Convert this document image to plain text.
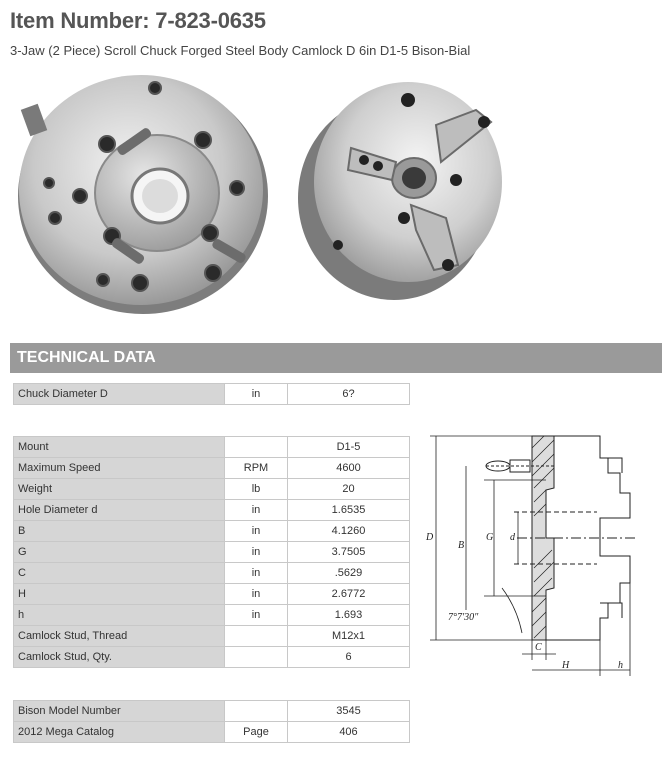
Item Number: 7-823-0635
3-Jaw (2 Piece) Scroll Chuck Forged Steel Body Camlock D 6in D1-5 Bison-Bial
TECHNICAL DATA
Chuck Diameter D	in	6?
Mount		D1-5
Maximum Speed	RPM	4600
Weight	lb	20
Hole Diameter d	in	1.6535
B	in	4.1260
G	in	3.7505
C	in	.5629
H	in	2.6772
h	in	1.693
Camlock Stud, Thread		M12x1
Camlock Stud, Qty.		6
Bison Model Number		3545
2012 Mega Catalog	Page	406
D
B
G d
C
H	h
7°7'30"
